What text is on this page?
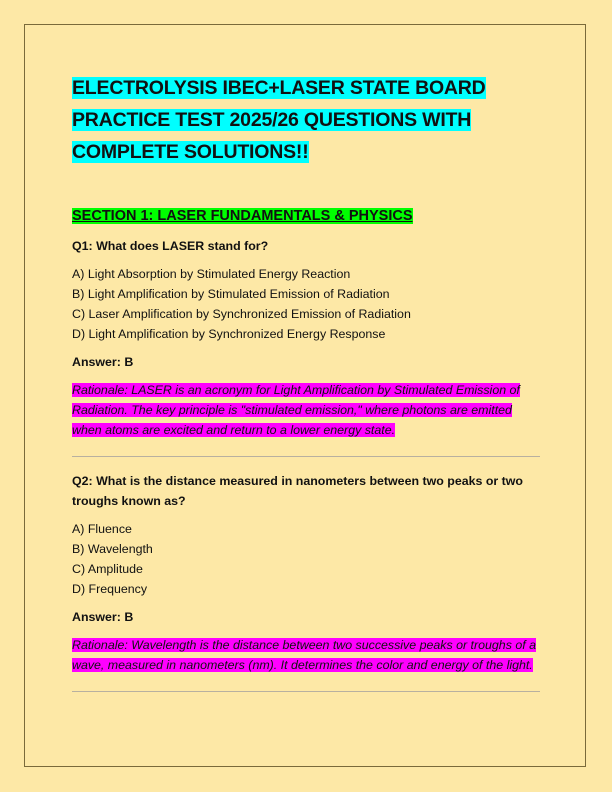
ELECTROLYSIS IBEC+LASER STATE BOARD PRACTICE TEST 2025/26 QUESTIONS WITH COMPLETE SOLUTIONS!!
SECTION 1: LASER FUNDAMENTALS & PHYSICS
Q1: What does LASER stand for?
A) Light Absorption by Stimulated Energy Reaction
B) Light Amplification by Stimulated Emission of Radiation
C) Laser Amplification by Synchronized Emission of Radiation
D) Light Amplification by Synchronized Energy Response
Answer: B
Rationale: LASER is an acronym for Light Amplification by Stimulated Emission of Radiation. The key principle is "stimulated emission," where photons are emitted when atoms are excited and return to a lower energy state.
Q2: What is the distance measured in nanometers between two peaks or two troughs known as?
A) Fluence
B) Wavelength
C) Amplitude
D) Frequency
Answer: B
Rationale: Wavelength is the distance between two successive peaks or troughs of a wave, measured in nanometers (nm). It determines the color and energy of the light.
